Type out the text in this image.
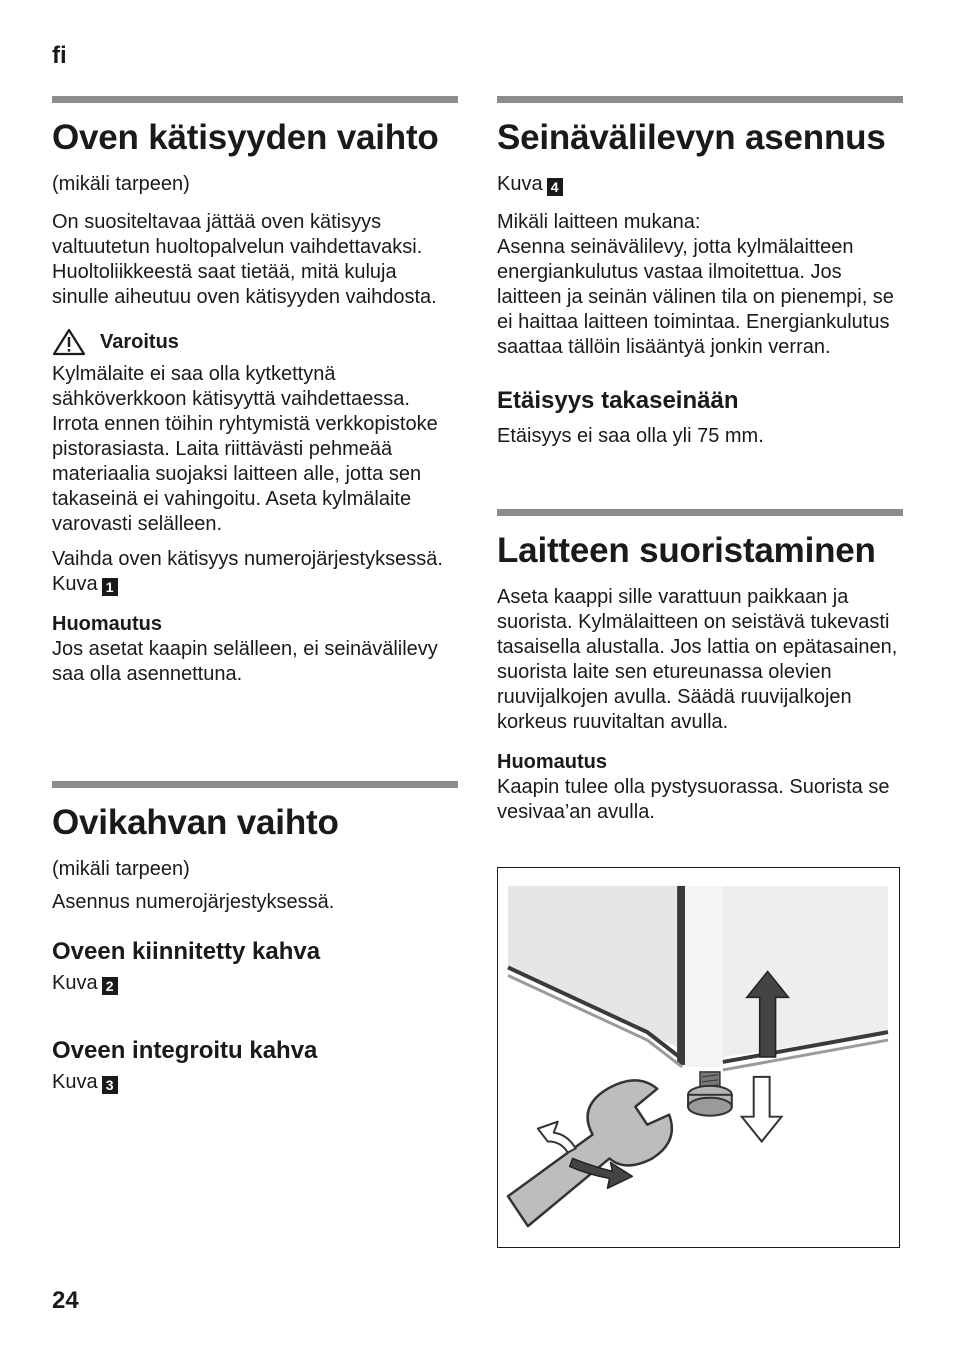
fi
Oven kätisyyden vaihto

(mikäli tarpeen)

On suositeltavaa jättää oven kätisyys valtuutetun huoltopalvelun vaihdettavaksi. Huoltoliikkeestä saat tietää, mitä kuluja sinulle aiheutuu oven kätisyyden vaihdosta.

Varoitus

Kylmälaite ei saa olla kytkettynä sähköverkkoon kätisyyttä vaihdettaessa. Irrota ennen töihin ryhtymistä verkkopistoke pistorasiasta. Laita riittävästi pehmeää materiaalia suojaksi laitteen alle, jotta sen takaseinä ei vahingoitu. Aseta kylmälaite varovasti selälleen.

Vaihda oven kätisyys numerojärjestyksessä. Kuva 1

Huomautus

Jos asetat kaapin selälleen, ei seinävälilevy saa olla asennettuna.

Ovikahvan vaihto

(mikäli tarpeen)

Asennus numerojärjestyksessä.

Oveen kiinnitetty kahva

Kuva 2

Oveen integroitu kahva

Kuva 3

Seinävälilevyn asennus

Kuva 4

Mikäli laitteen mukana:
Asenna seinävälilevy, jotta kylmälaitteen energiankulutus vastaa ilmoitettua. Jos laitteen ja seinän välinen tila on pienempi, se ei haittaa laitteen toimintaa. Energiankulutus saattaa tällöin lisääntyä jonkin verran.

Etäisyys takaseinään

Etäisyys ei saa olla yli 75 mm.

Laitteen suoristaminen

Aseta kaappi sille varattuun paikkaan ja suorista. Kylmälaitteen on seistävä tukevasti tasaisella alustalla. Jos lattia on epätasainen, suorista laite sen etureunassa olevien ruuvijalkojen avulla. Säädä ruuvijalkojen korkeus ruuvitaltan avulla.

Huomautus

Kaapin tulee olla pystysuorassa. Suorista se vesivaa’an avulla.

24
